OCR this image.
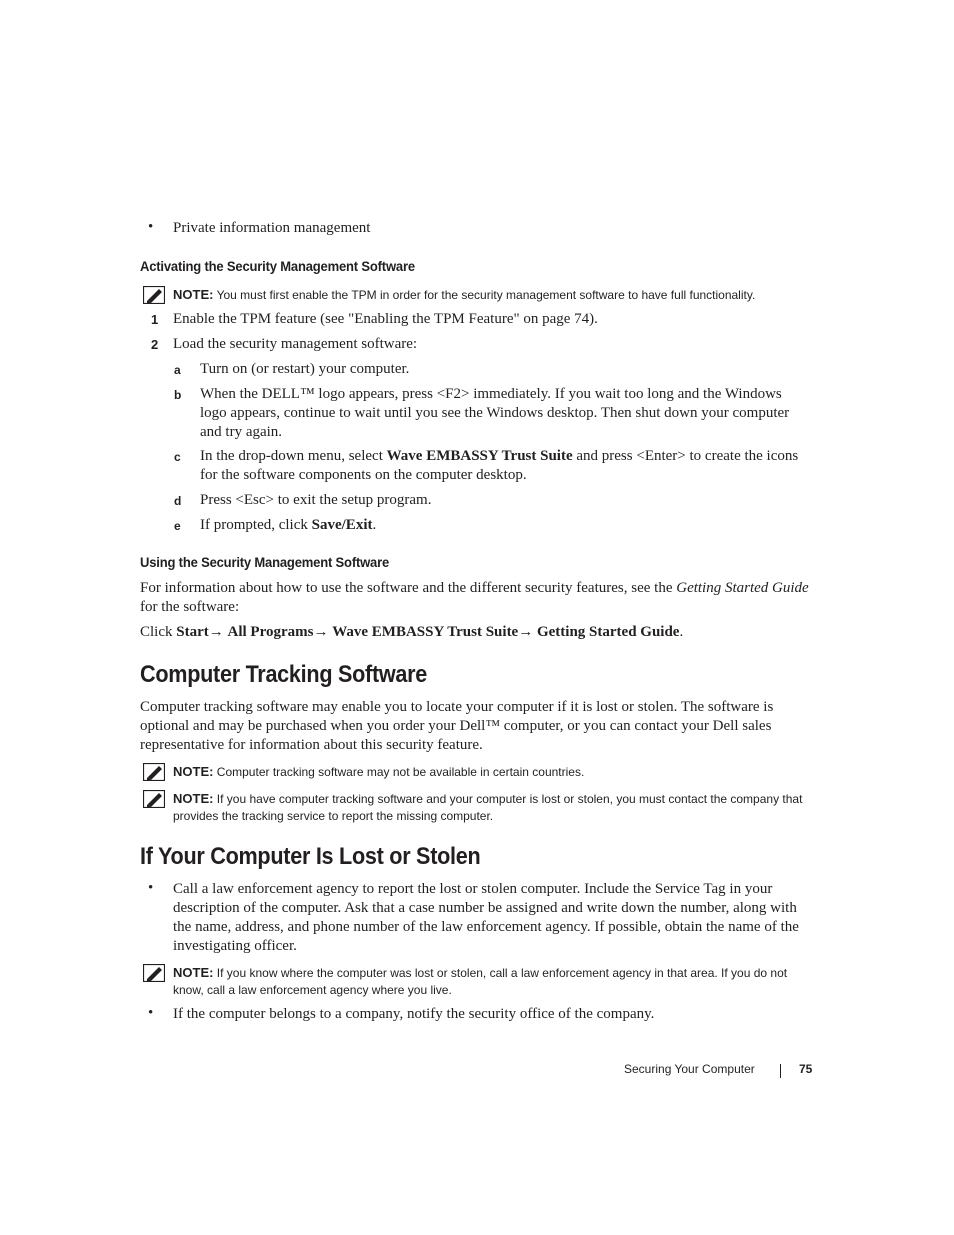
• Private information management
Activating the Security Management Software
NOTE: You must first enable the TPM in order for the security management software to have full functionality.
1 Enable the TPM feature (see "Enabling the TPM Feature" on page 74).
2 Load the security management software:
a Turn on (or restart) your computer.
b When the DELL™ logo appears, press <F2> immediately. If you wait too long and the Windows logo appears, continue to wait until you see the Windows desktop. Then shut down your computer and try again.
c In the drop-down menu, select Wave EMBASSY Trust Suite and press <Enter> to create the icons for the software components on the computer desktop.
d Press <Esc> to exit the setup program.
e If prompted, click Save/Exit.
Using the Security Management Software
For information about how to use the software and the different security features, see the Getting Started Guide for the software:
Click Start→ All Programs→ Wave EMBASSY Trust Suite→ Getting Started Guide.
Computer Tracking Software
Computer tracking software may enable you to locate your computer if it is lost or stolen. The software is optional and may be purchased when you order your Dell™ computer, or you can contact your Dell sales representative for information about this security feature.
NOTE: Computer tracking software may not be available in certain countries.
NOTE: If you have computer tracking software and your computer is lost or stolen, you must contact the company that provides the tracking service to report the missing computer.
If Your Computer Is Lost or Stolen
• Call a law enforcement agency to report the lost or stolen computer. Include the Service Tag in your description of the computer. Ask that a case number be assigned and write down the number, along with the name, address, and phone number of the law enforcement agency. If possible, obtain the name of the investigating officer.
NOTE: If you know where the computer was lost or stolen, call a law enforcement agency in that area. If you do not know, call a law enforcement agency where you live.
• If the computer belongs to a company, notify the security office of the company.
Securing Your Computer	75
